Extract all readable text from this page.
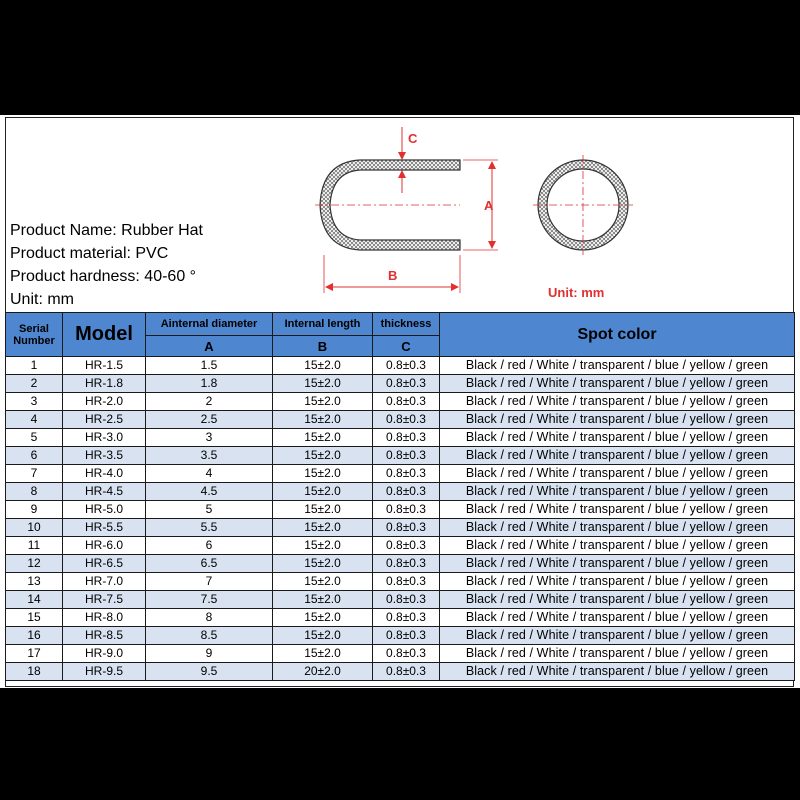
Product Name: Rubber Hat
Product material: PVC
Product hardness: 40-60 °
Unit: mm
C
A
B
Unit: mm
Serial Number	Model	Ainternal diameter	Internal length	thickness	Spot color
		A	B	C	
1	HR-1.5	1.5	15±2.0	0.8±0.3	Black / red / White / transparent / blue / yellow / green
2	HR-1.8	1.8	15±2.0	0.8±0.3	Black / red / White / transparent / blue / yellow / green
3	HR-2.0	2	15±2.0	0.8±0.3	Black / red / White / transparent / blue / yellow / green
4	HR-2.5	2.5	15±2.0	0.8±0.3	Black / red / White / transparent / blue / yellow / green
5	HR-3.0	3	15±2.0	0.8±0.3	Black / red / White / transparent / blue / yellow / green
6	HR-3.5	3.5	15±2.0	0.8±0.3	Black / red / White / transparent / blue / yellow / green
7	HR-4.0	4	15±2.0	0.8±0.3	Black / red / White / transparent / blue / yellow / green
8	HR-4.5	4.5	15±2.0	0.8±0.3	Black / red / White / transparent / blue / yellow / green
9	HR-5.0	5	15±2.0	0.8±0.3	Black / red / White / transparent / blue / yellow / green
10	HR-5.5	5.5	15±2.0	0.8±0.3	Black / red / White / transparent / blue / yellow / green
11	HR-6.0	6	15±2.0	0.8±0.3	Black / red / White / transparent / blue / yellow / green
12	HR-6.5	6.5	15±2.0	0.8±0.3	Black / red / White / transparent / blue / yellow / green
13	HR-7.0	7	15±2.0	0.8±0.3	Black / red / White / transparent / blue / yellow / green
14	HR-7.5	7.5	15±2.0	0.8±0.3	Black / red / White / transparent / blue / yellow / green
15	HR-8.0	8	15±2.0	0.8±0.3	Black / red / White / transparent / blue / yellow / green
16	HR-8.5	8.5	15±2.0	0.8±0.3	Black / red / White / transparent / blue / yellow / green
17	HR-9.0	9	15±2.0	0.8±0.3	Black / red / White / transparent / blue / yellow / green
18	HR-9.5	9.5	20±2.0	0.8±0.3	Black / red / White / transparent / blue / yellow / green
